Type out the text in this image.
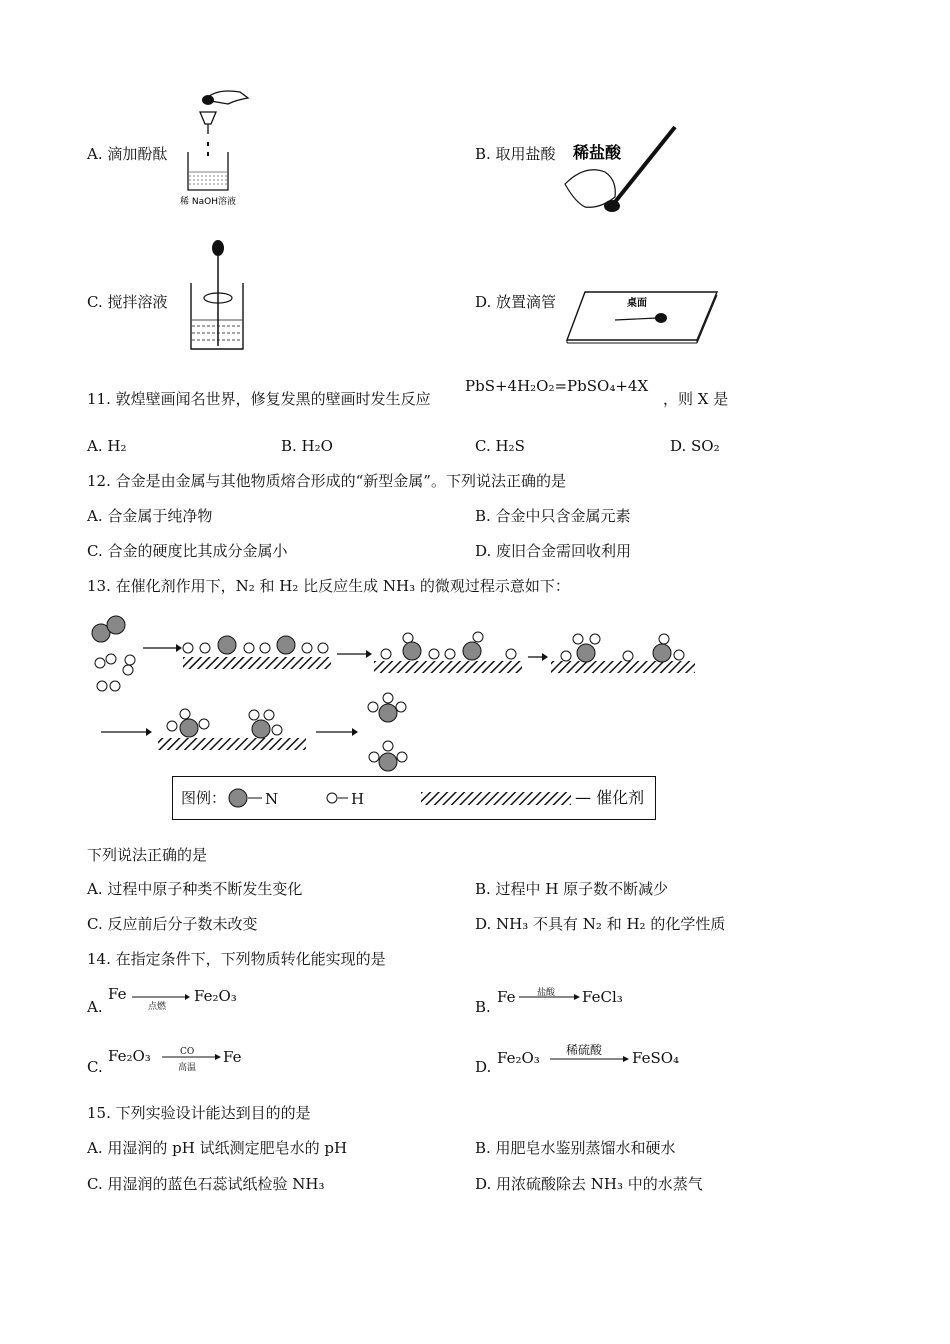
A. 滴加酚酞
稀 NaOH溶液
B. 取用盐酸 稀盐酸
C. 搅拌溶液	D. 放置滴管	桌面
11. 敦煌壁画闻名世界，修复发黑的壁画时发生反应
PbS+4H₂O₂=PbSO₄+4X
，则 X 是
A. H₂	B. H₂O	C. H₂S	D. SO₂
12. 合金是由金属与其他物质熔合形成的“新型金属”。下列说法正确的是
A. 合金属于纯净物	B. 合金中只含金属元素
C. 合金的硬度比其成分金属小	D. 废旧合金需回收利用
13. 在催化剂作用下，N₂ 和 H₂ 比反应生成 NH₃ 的微观过程示意如下：
图例：	N	H	— 催化剂
下列说法正确的是
A. 过程中原子种类不断发生变化	B. 过程中 H 原子数不断减少
C. 反应前后分子数未改变	D. NH₃ 不具有 N₂ 和 H₂ 的化学性质
14. 在指定条件下，下列物质转化能实现的是
A.
Fe
点燃
Fe₂O₃
B.
Fe 盐酸 FeCl₃
C.
Fe₂O₃	CO
高温
Fe
D. Fe₂O₃ 稀硫酸 FeSO₄
15. 下列实验设计能达到目的的是
A. 用湿润的 pH 试纸测定肥皂水的 pH	B. 用肥皂水鉴别蒸馏水和硬水
C. 用湿润的蓝色石蕊试纸检验 NH₃	D. 用浓硫酸除去 NH₃ 中的水蒸气
